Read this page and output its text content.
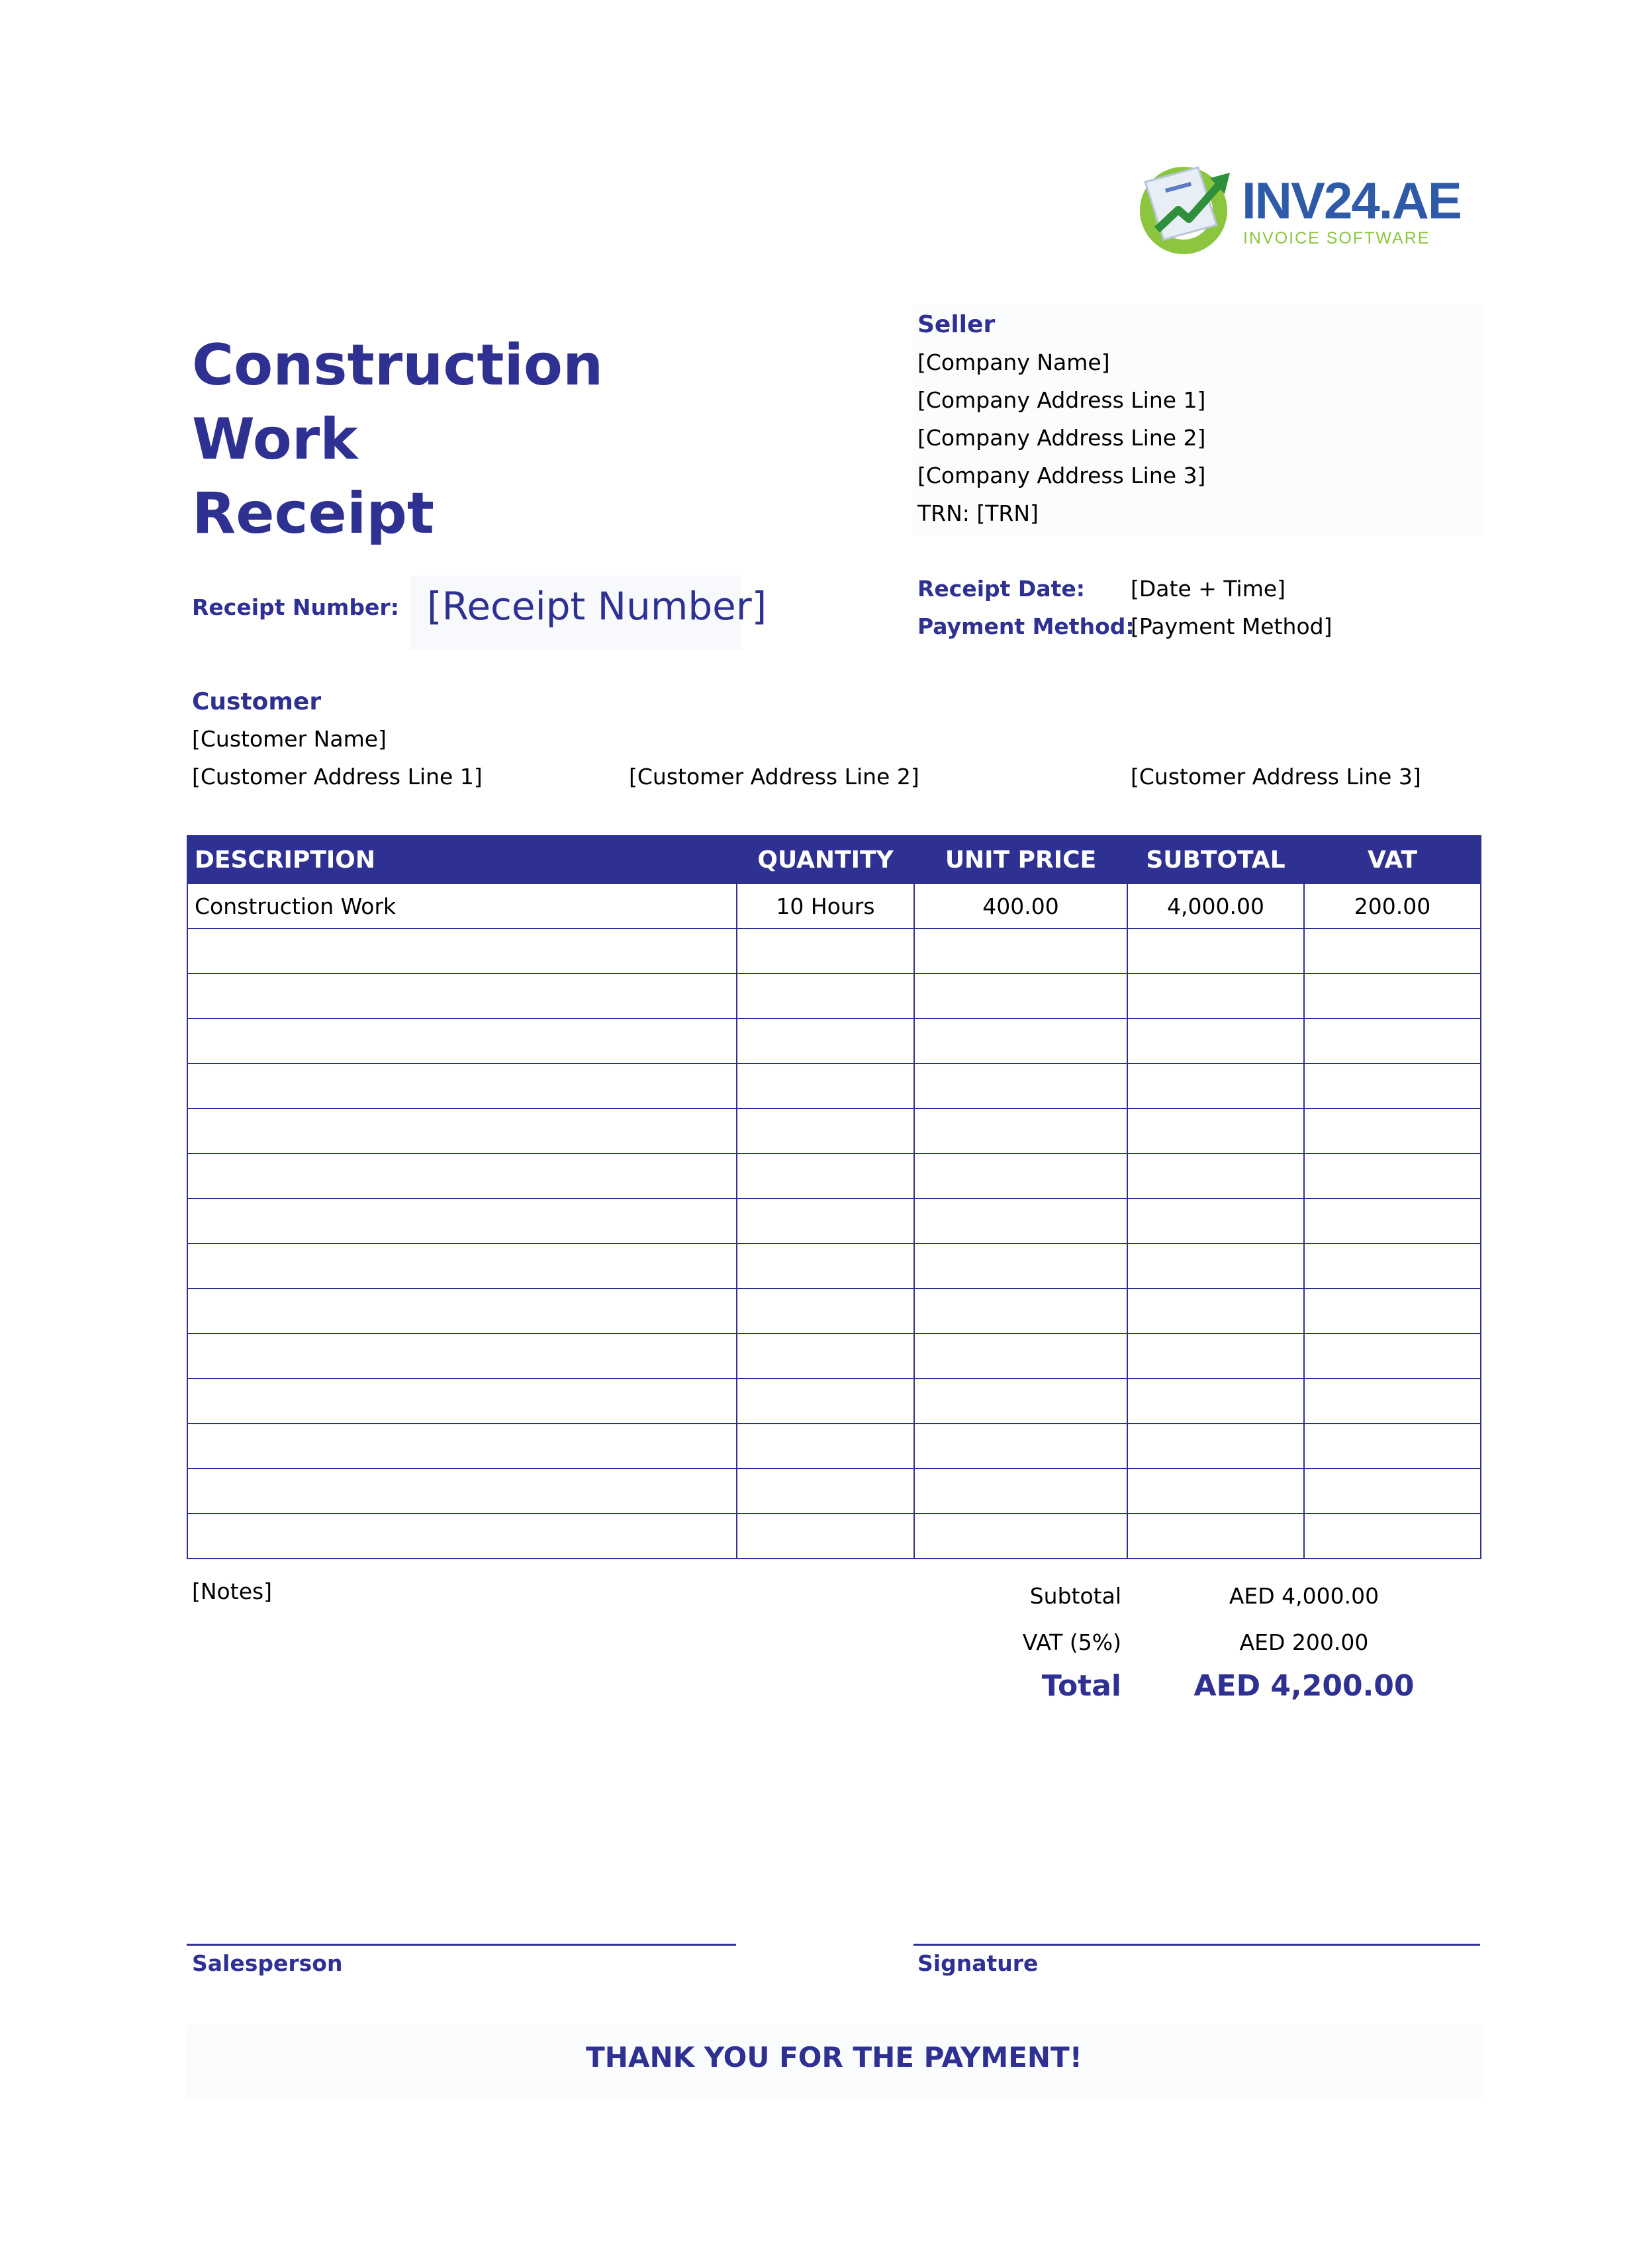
INV24.AE
INVOICE SOFTWARE
Construction Work
Receipt
Seller
[Company Name]
[Company Address Line 1]
[Company Address Line 2]
[Company Address Line 3]
TRN: [TRN]
Receipt Number: [Receipt Number]	Receipt Date: [Date + Time]
Payment Method:
[Payment Method]
Customer
[Customer Name]
[Customer Address Line 1]	[Customer Address Line 2]	[Customer Address Line 3]
DESCRIPTION	QUANTITY	UNIT PRICE	SUBTOTAL	VAT
Construction Work	10 Hours	400.00	4,000.00	200.00

[Notes]	Subtotal	AED 4,000.00
VAT (5%)	AED 200.00
Total	AED 4,200.00
Salesperson	Signature
THANK YOU FOR THE PAYMENT!
